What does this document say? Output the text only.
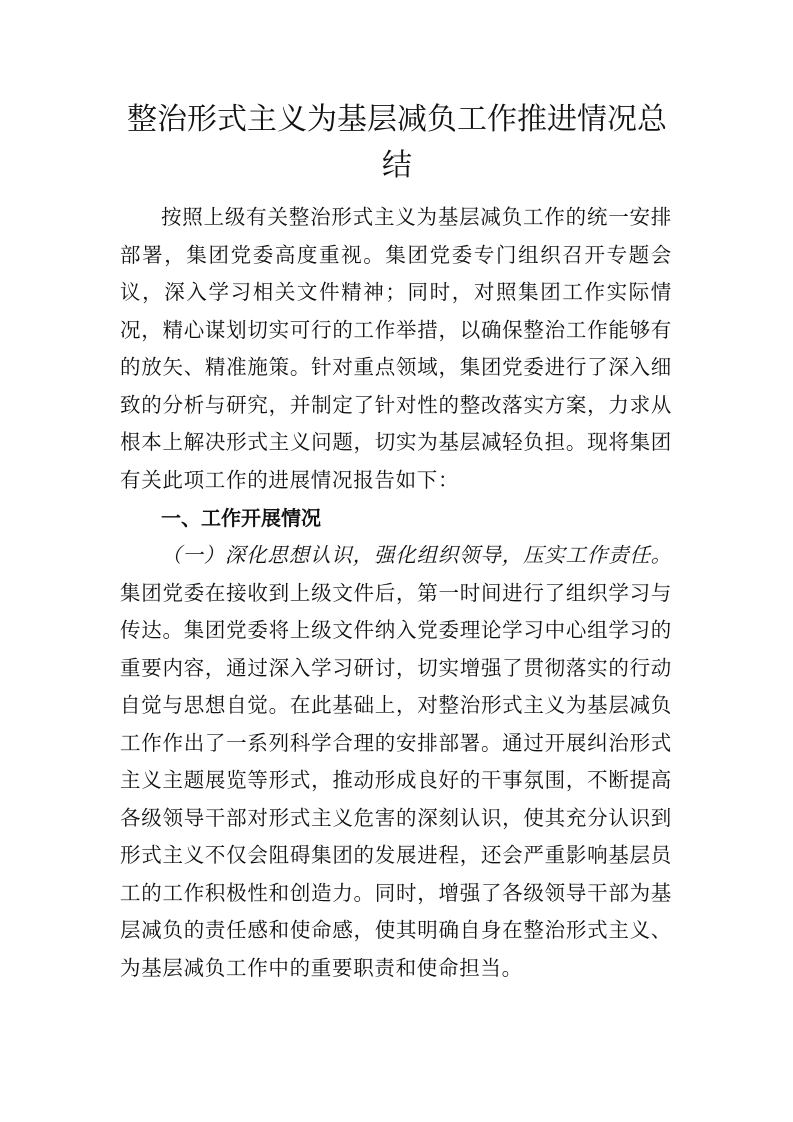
整治形式主义为基层减负工作推进情况总结

按照上级有关整治形式主义为基层减负工作的统一安排部署，集团党委高度重视。集团党委专门组织召开专题会议，深入学习相关文件精神；同时，对照集团工作实际情况，精心谋划切实可行的工作举措，以确保整治工作能够有的放矢、精准施策。针对重点领域，集团党委进行了深入细致的分析与研究，并制定了针对性的整改落实方案，力求从根本上解决形式主义问题，切实为基层减轻负担。现将集团有关此项工作的进展情况报告如下：

一、工作开展情况

（一）深化思想认识，强化组织领导，压实工作责任。集团党委在接收到上级文件后，第一时间进行了组织学习与传达。集团党委将上级文件纳入党委理论学习中心组学习的重要内容，通过深入学习研讨，切实增强了贯彻落实的行动自觉与思想自觉。在此基础上，对整治形式主义为基层减负工作作出了一系列科学合理的安排部署。通过开展纠治形式主义主题展览等形式，推动形成良好的干事氛围，不断提高各级领导干部对形式主义危害的深刻认识，使其充分认识到形式主义不仅会阻碍集团的发展进程，还会严重影响基层员工的工作积极性和创造力。同时，增强了各级领导干部为基层减负的责任感和使命感，使其明确自身在整治形式主义、为基层减负工作中的重要职责和使命担当。
